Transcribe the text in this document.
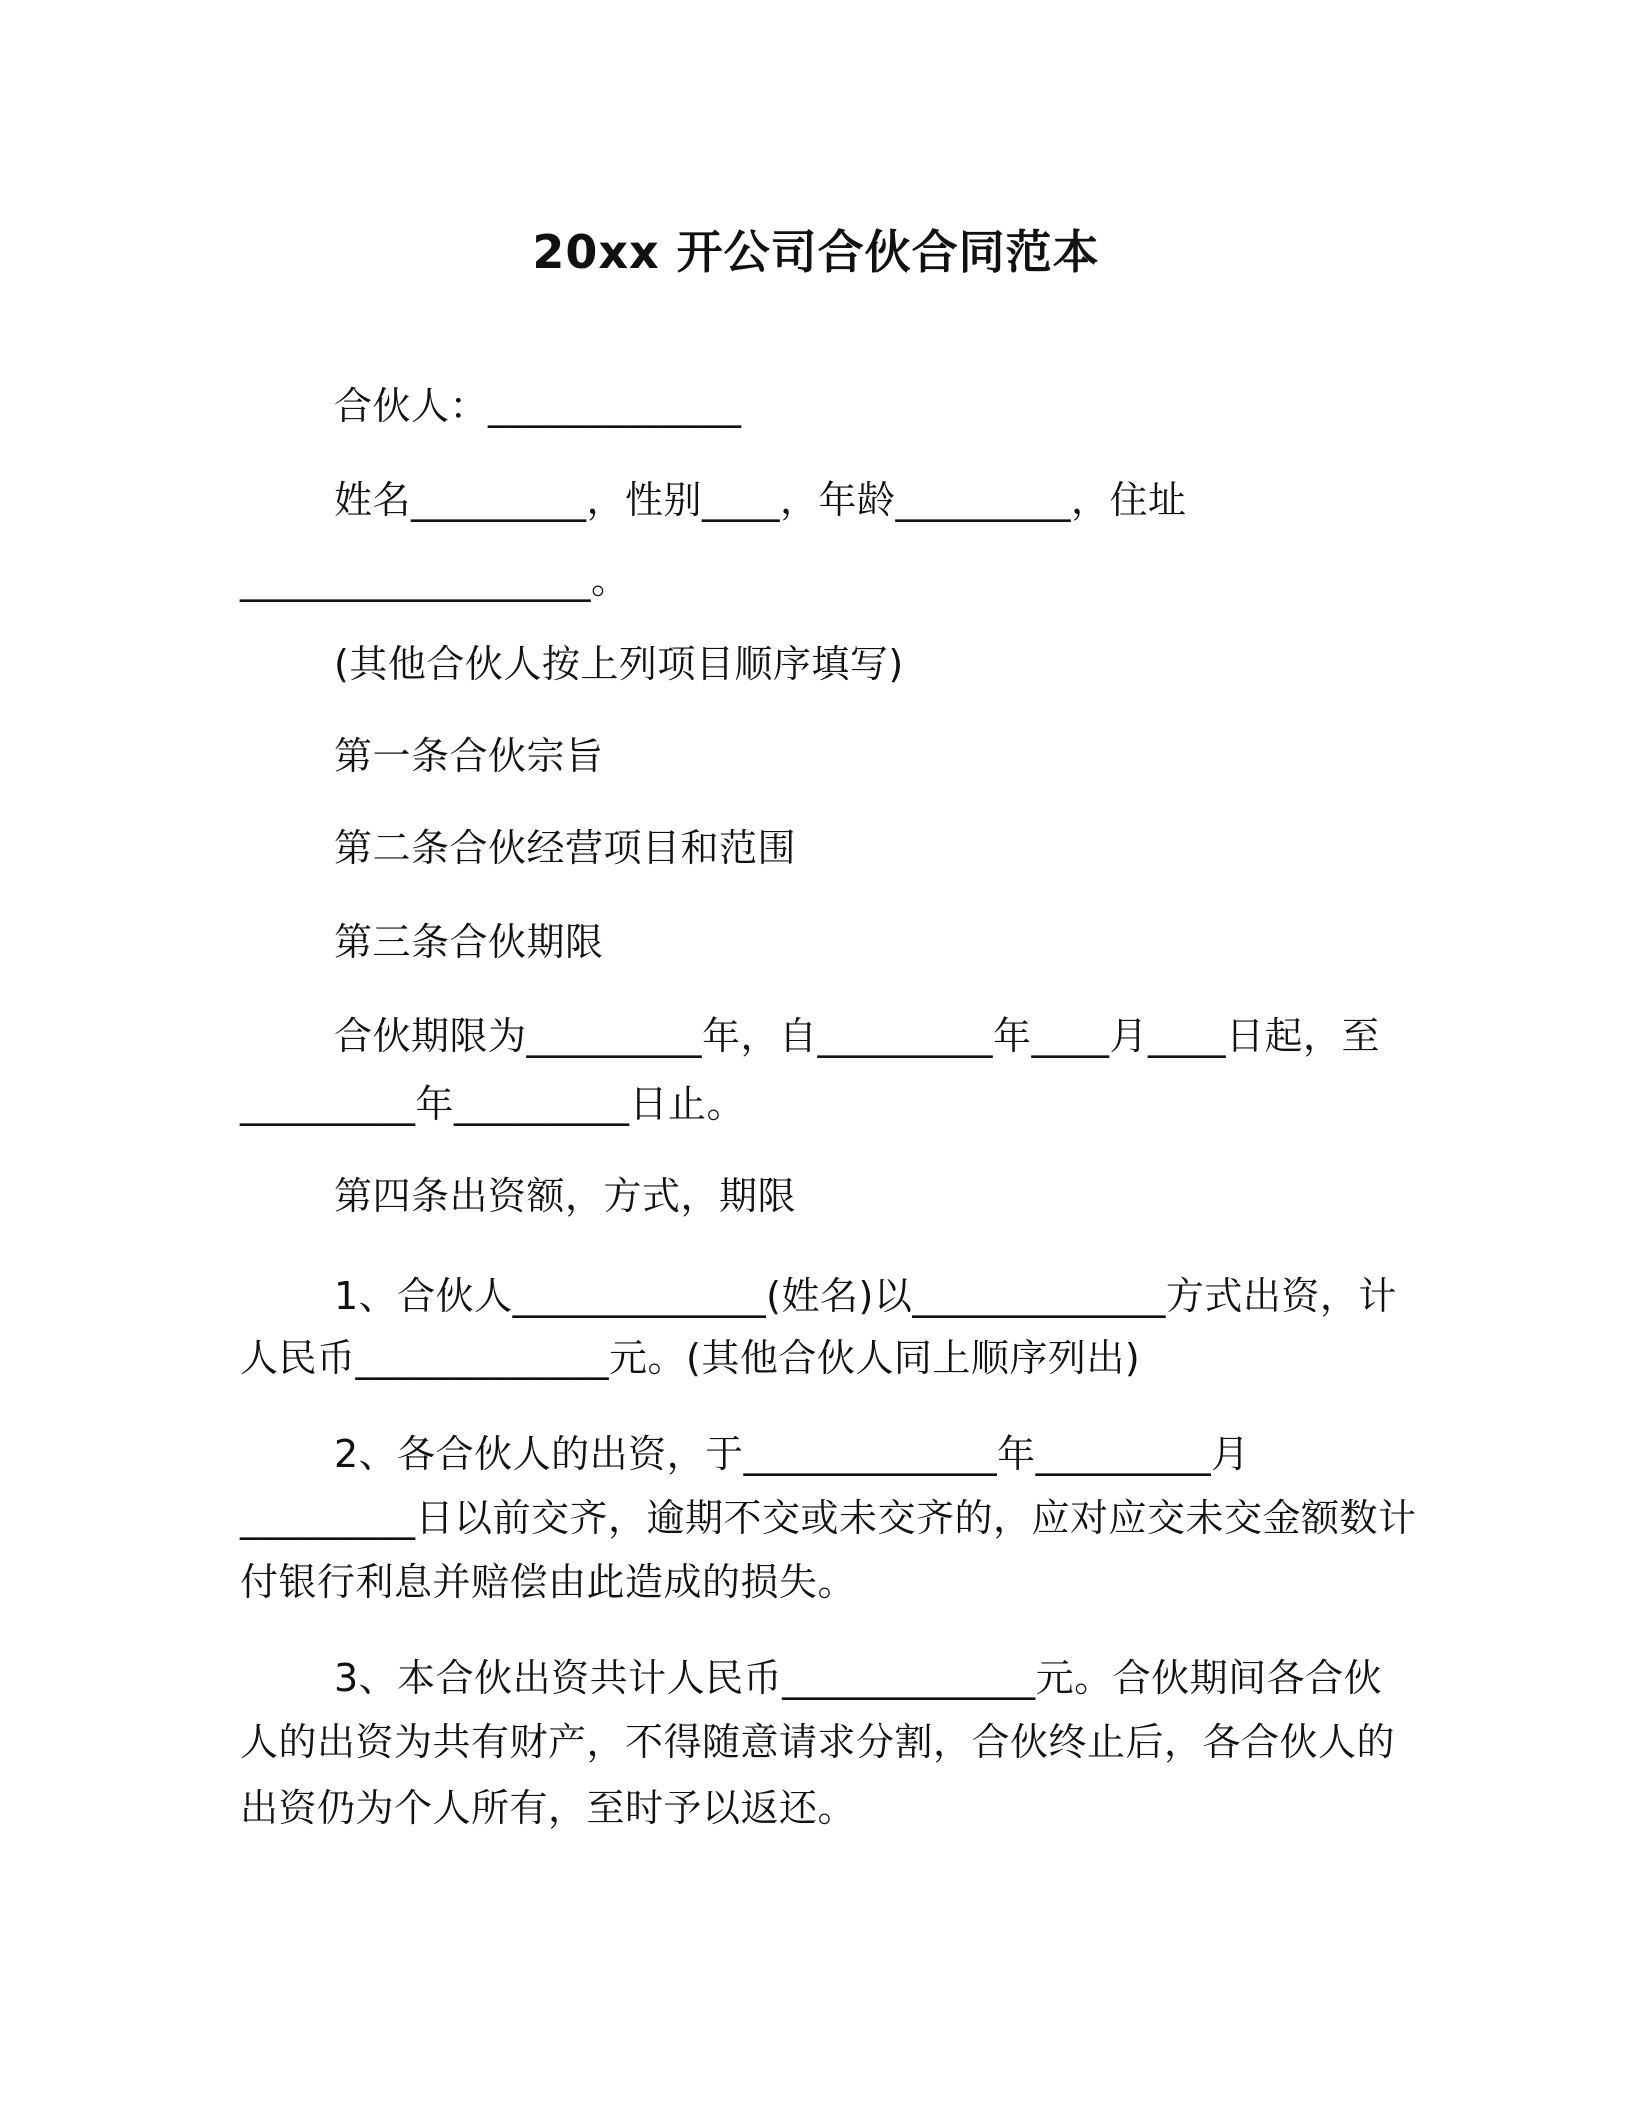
20xx 开公司合伙合同范本
合伙人：_____________
姓名_________，性别____，年龄_________，住址
__________________。
(其他合伙人按上列项目顺序填写)
第一条合伙宗旨
第二条合伙经营项目和范围
第三条合伙期限
合伙期限为_________年，自_________年____月____日起，至
_________年_________日止。
第四条出资额，方式，期限
1、合伙人_____________(姓名)以_____________方式出资，计
人民币_____________元。(其他合伙人同上顺序列出)
2、各合伙人的出资，于_____________年_________月
_________日以前交齐，逾期不交或未交齐的，应对应交未交金额数计
付银行利息并赔偿由此造成的损失。
3、本合伙出资共计人民币_____________元。合伙期间各合伙
人的出资为共有财产，不得随意请求分割，合伙终止后，各合伙人的
出资仍为个人所有，至时予以返还。
